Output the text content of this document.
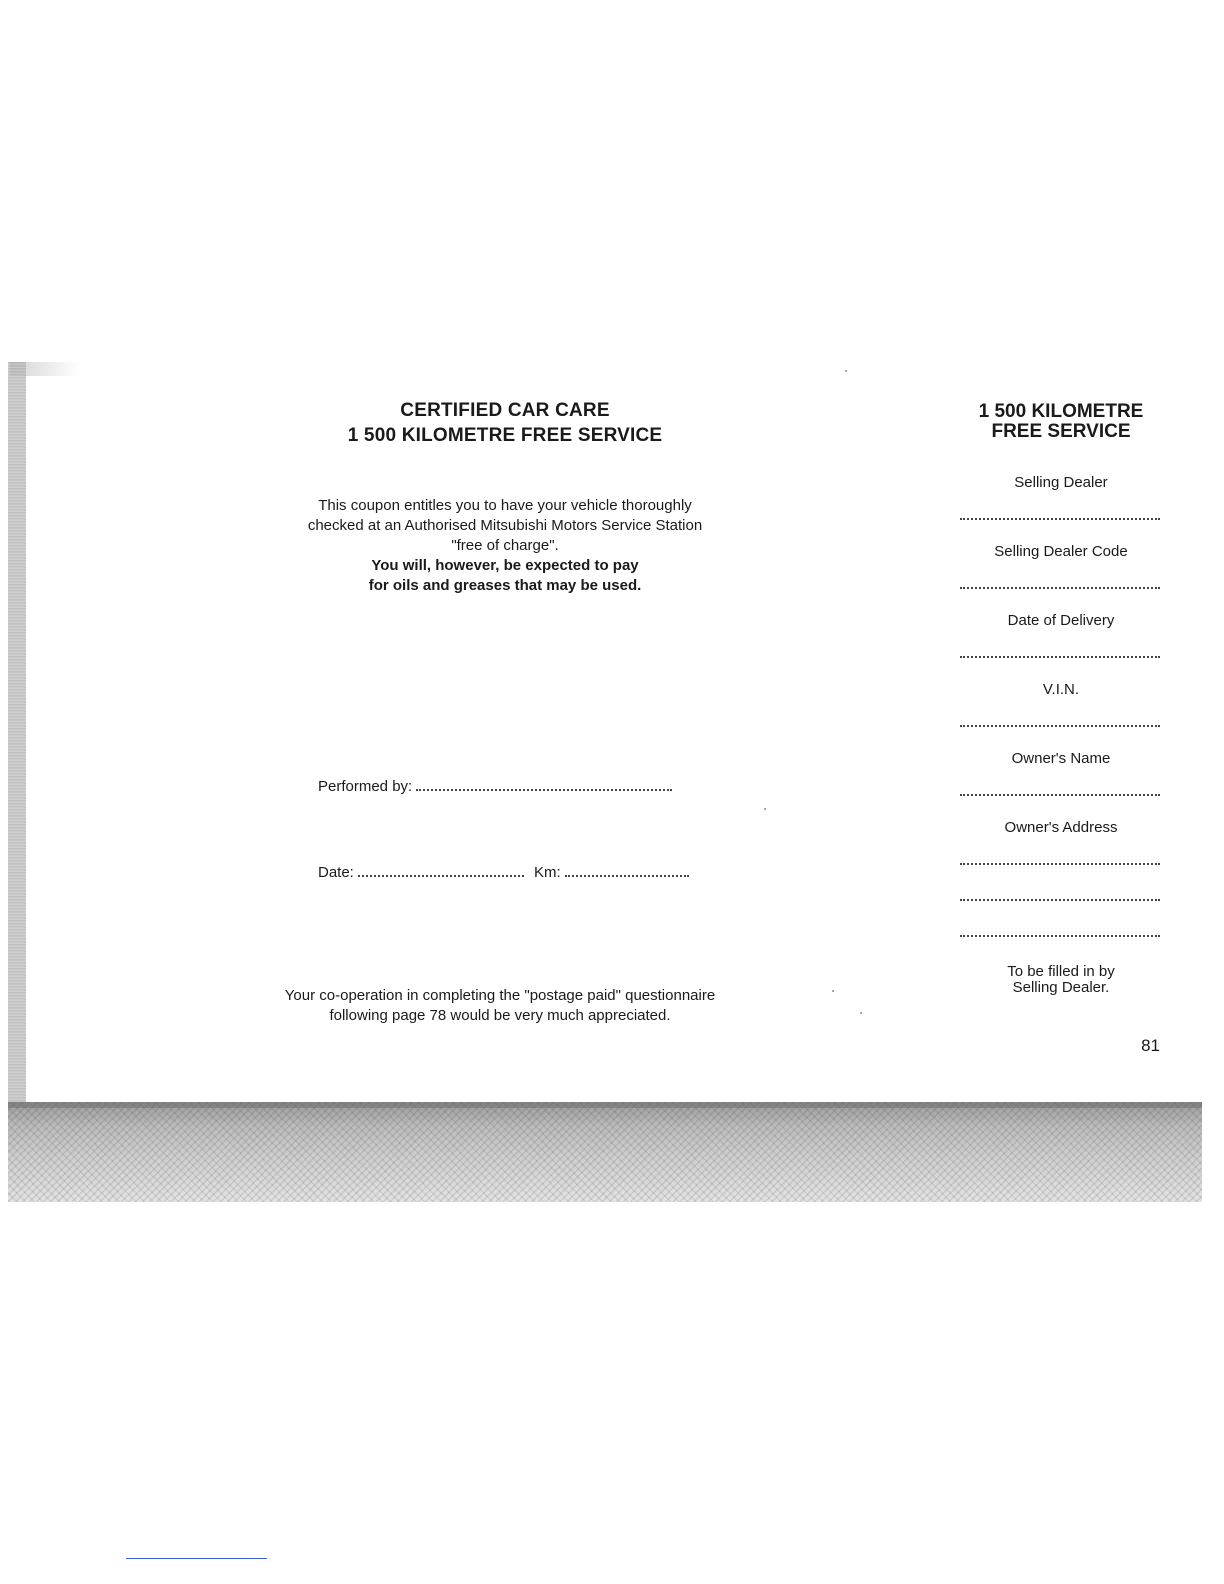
CERTIFIED CAR CARE
1 500 KILOMETRE FREE SERVICE
This coupon entitles you to have your vehicle thoroughly
checked at an Authorised Mitsubishi Motors Service Station
"free of charge".
You will, however, be expected to pay
for oils and greases that may be used.
Performed by:
Date:	Km:
Your co-operation in completing the "postage paid" questionnaire
following page 78 would be very much appreciated.
1 500 KILOMETRE
FREE SERVICE
Selling Dealer
Selling Dealer Code
Date of Delivery
V.I.N.
Owner's Name
Owner's Address
To be filled in by
Selling Dealer.
81
